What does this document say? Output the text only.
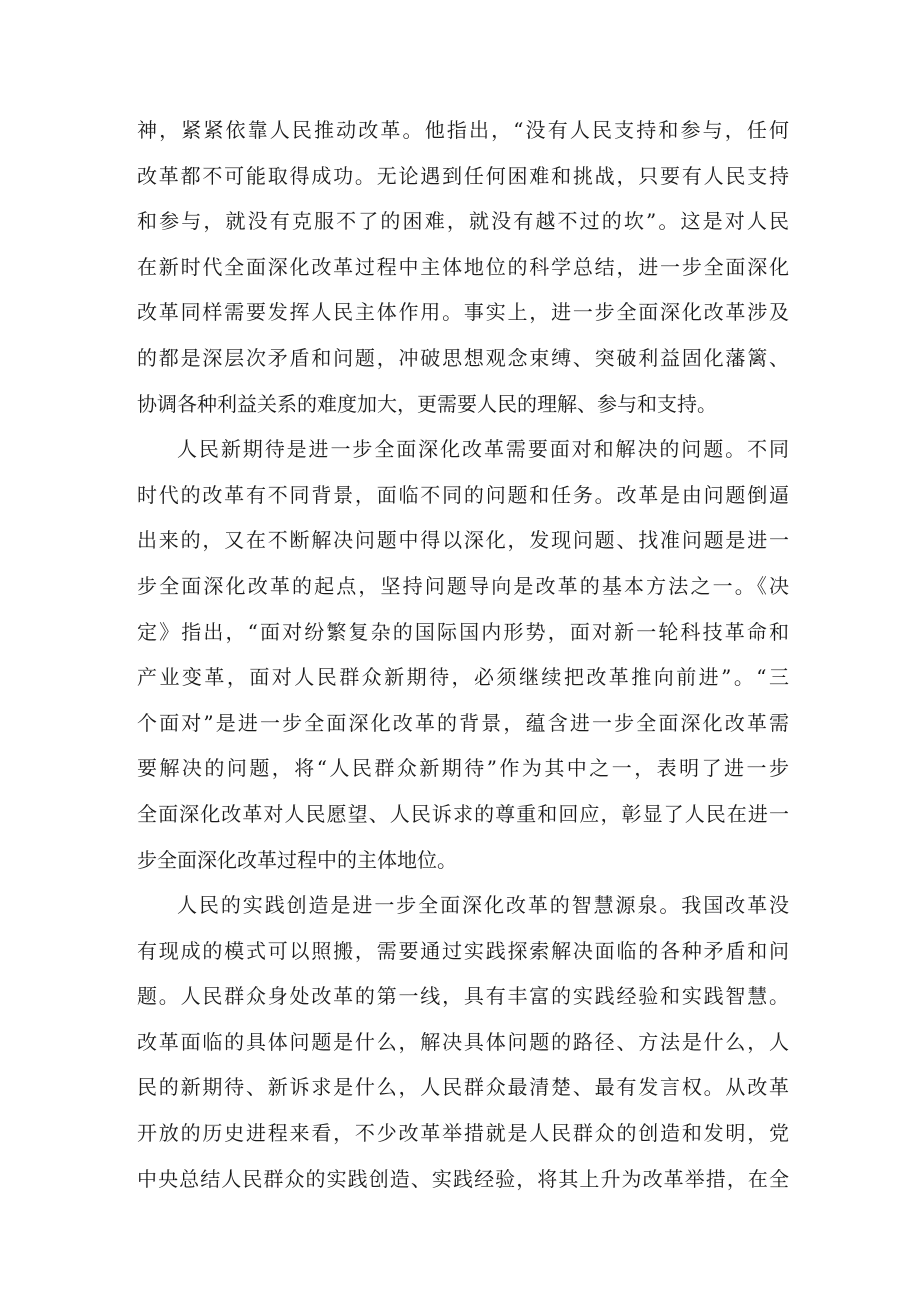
神，紧紧依靠人民推动改革。他指出，“没有人民支持和参与，任何
改革都不可能取得成功。无论遇到任何困难和挑战，只要有人民支持
和参与，就没有克服不了的困难，就没有越不过的坎”。这是对人民
在新时代全面深化改革过程中主体地位的科学总结，进一步全面深化
改革同样需要发挥人民主体作用。事实上，进一步全面深化改革涉及
的都是深层次矛盾和问题，冲破思想观念束缚、突破利益固化藩篱、
协调各种利益关系的难度加大，更需要人民的理解、参与和支持。
人民新期待是进一步全面深化改革需要面对和解决的问题。不同
时代的改革有不同背景，面临不同的问题和任务。改革是由问题倒逼
出来的，又在不断解决问题中得以深化，发现问题、找准问题是进一
步全面深化改革的起点，坚持问题导向是改革的基本方法之一。《决
定》指出，“面对纷繁复杂的国际国内形势，面对新一轮科技革命和
产业变革，面对人民群众新期待，必须继续把改革推向前进”。“三
个面对”是进一步全面深化改革的背景，蕴含进一步全面深化改革需
要解决的问题，将“人民群众新期待”作为其中之一，表明了进一步
全面深化改革对人民愿望、人民诉求的尊重和回应，彰显了人民在进一
步全面深化改革过程中的主体地位。
人民的实践创造是进一步全面深化改革的智慧源泉。我国改革没
有现成的模式可以照搬，需要通过实践探索解决面临的各种矛盾和问
题。人民群众身处改革的第一线，具有丰富的实践经验和实践智慧。
改革面临的具体问题是什么，解决具体问题的路径、方法是什么，人
民的新期待、新诉求是什么，人民群众最清楚、最有发言权。从改革
开放的历史进程来看，不少改革举措就是人民群众的创造和发明，党
中央总结人民群众的实践创造、实践经验，将其上升为改革举措，在全
